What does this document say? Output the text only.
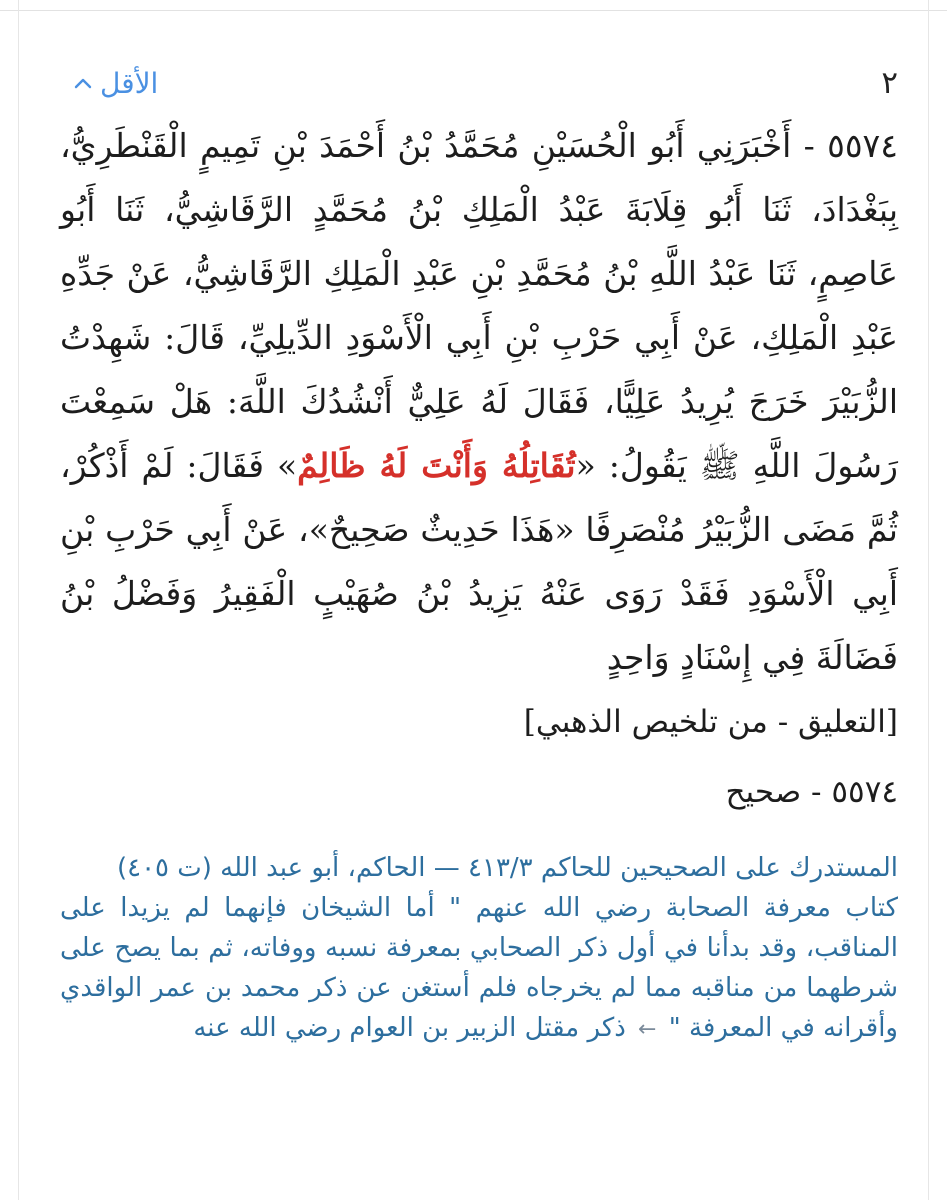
٢
الأقل
٥٥٧٤ - أَخْبَرَنِي أَبُو الْحُسَيْنِ مُحَمَّدُ بْنُ أَحْمَدَ بْنِ تَمِيمٍ الْقَنْطَرِيُّ، بِبَغْدَادَ، ثَنَا أَبُو قِلَابَةَ عَبْدُ الْمَلِكِ بْنُ مُحَمَّدٍ الرَّقَاشِيُّ، ثَنَا أَبُو عَاصِمٍ، ثَنَا عَبْدُ اللَّهِ بْنُ مُحَمَّدِ بْنِ عَبْدِ الْمَلِكِ الرَّقَاشِيُّ، عَنْ جَدِّهِ عَبْدِ الْمَلِكِ، عَنْ أَبِي حَرْبِ بْنِ أَبِي الْأَسْوَدِ الدِّيلِيِّ، قَالَ: شَهِدْتُ الزُّبَيْرَ خَرَجَ يُرِيدُ عَلِيًّا، فَقَالَ لَهُ عَلِيٌّ أَنْشُدُكَ اللَّهَ: هَلْ سَمِعْتَ رَسُولَ اللَّهِ ﷺ يَقُولُ: «تُقَاتِلُهُ وَأَنْتَ لَهُ ظَالِمٌ» فَقَالَ: لَمْ أَذْكُرْ، ثُمَّ مَضَى الزُّبَيْرُ مُنْصَرِفًا «هَذَا حَدِيثٌ صَحِيحٌ»، عَنْ أَبِي حَرْبِ بْنِ أَبِي الْأَسْوَدِ فَقَدْ رَوَى عَنْهُ يَزِيدُ بْنُ صُهَيْبٍ الْفَقِيرُ وَفَضْلُ بْنُ فَضَالَةَ فِي إِسْنَادٍ وَاحِدٍ
[التعليق - من تلخيص الذهبي]
٥٥٧٤ - صحيح
المستدرك على الصحيحين للحاكم ٤١٣/٣ — الحاكم، أبو عبد الله (ت ٤٠٥)
كتاب معرفة الصحابة رضي الله عنهم " أما الشيخان فإنهما لم يزيدا على المناقب، وقد بدأنا في أول ذكر الصحابي بمعرفة نسبه ووفاته، ثم بما يصح على شرطهما من مناقبه مما لم يخرجاه فلم أستغن عن ذكر محمد بن عمر الواقدي وأقرانه في المعرفة " ← ذكر مقتل الزبير بن العوام رضي الله عنه
